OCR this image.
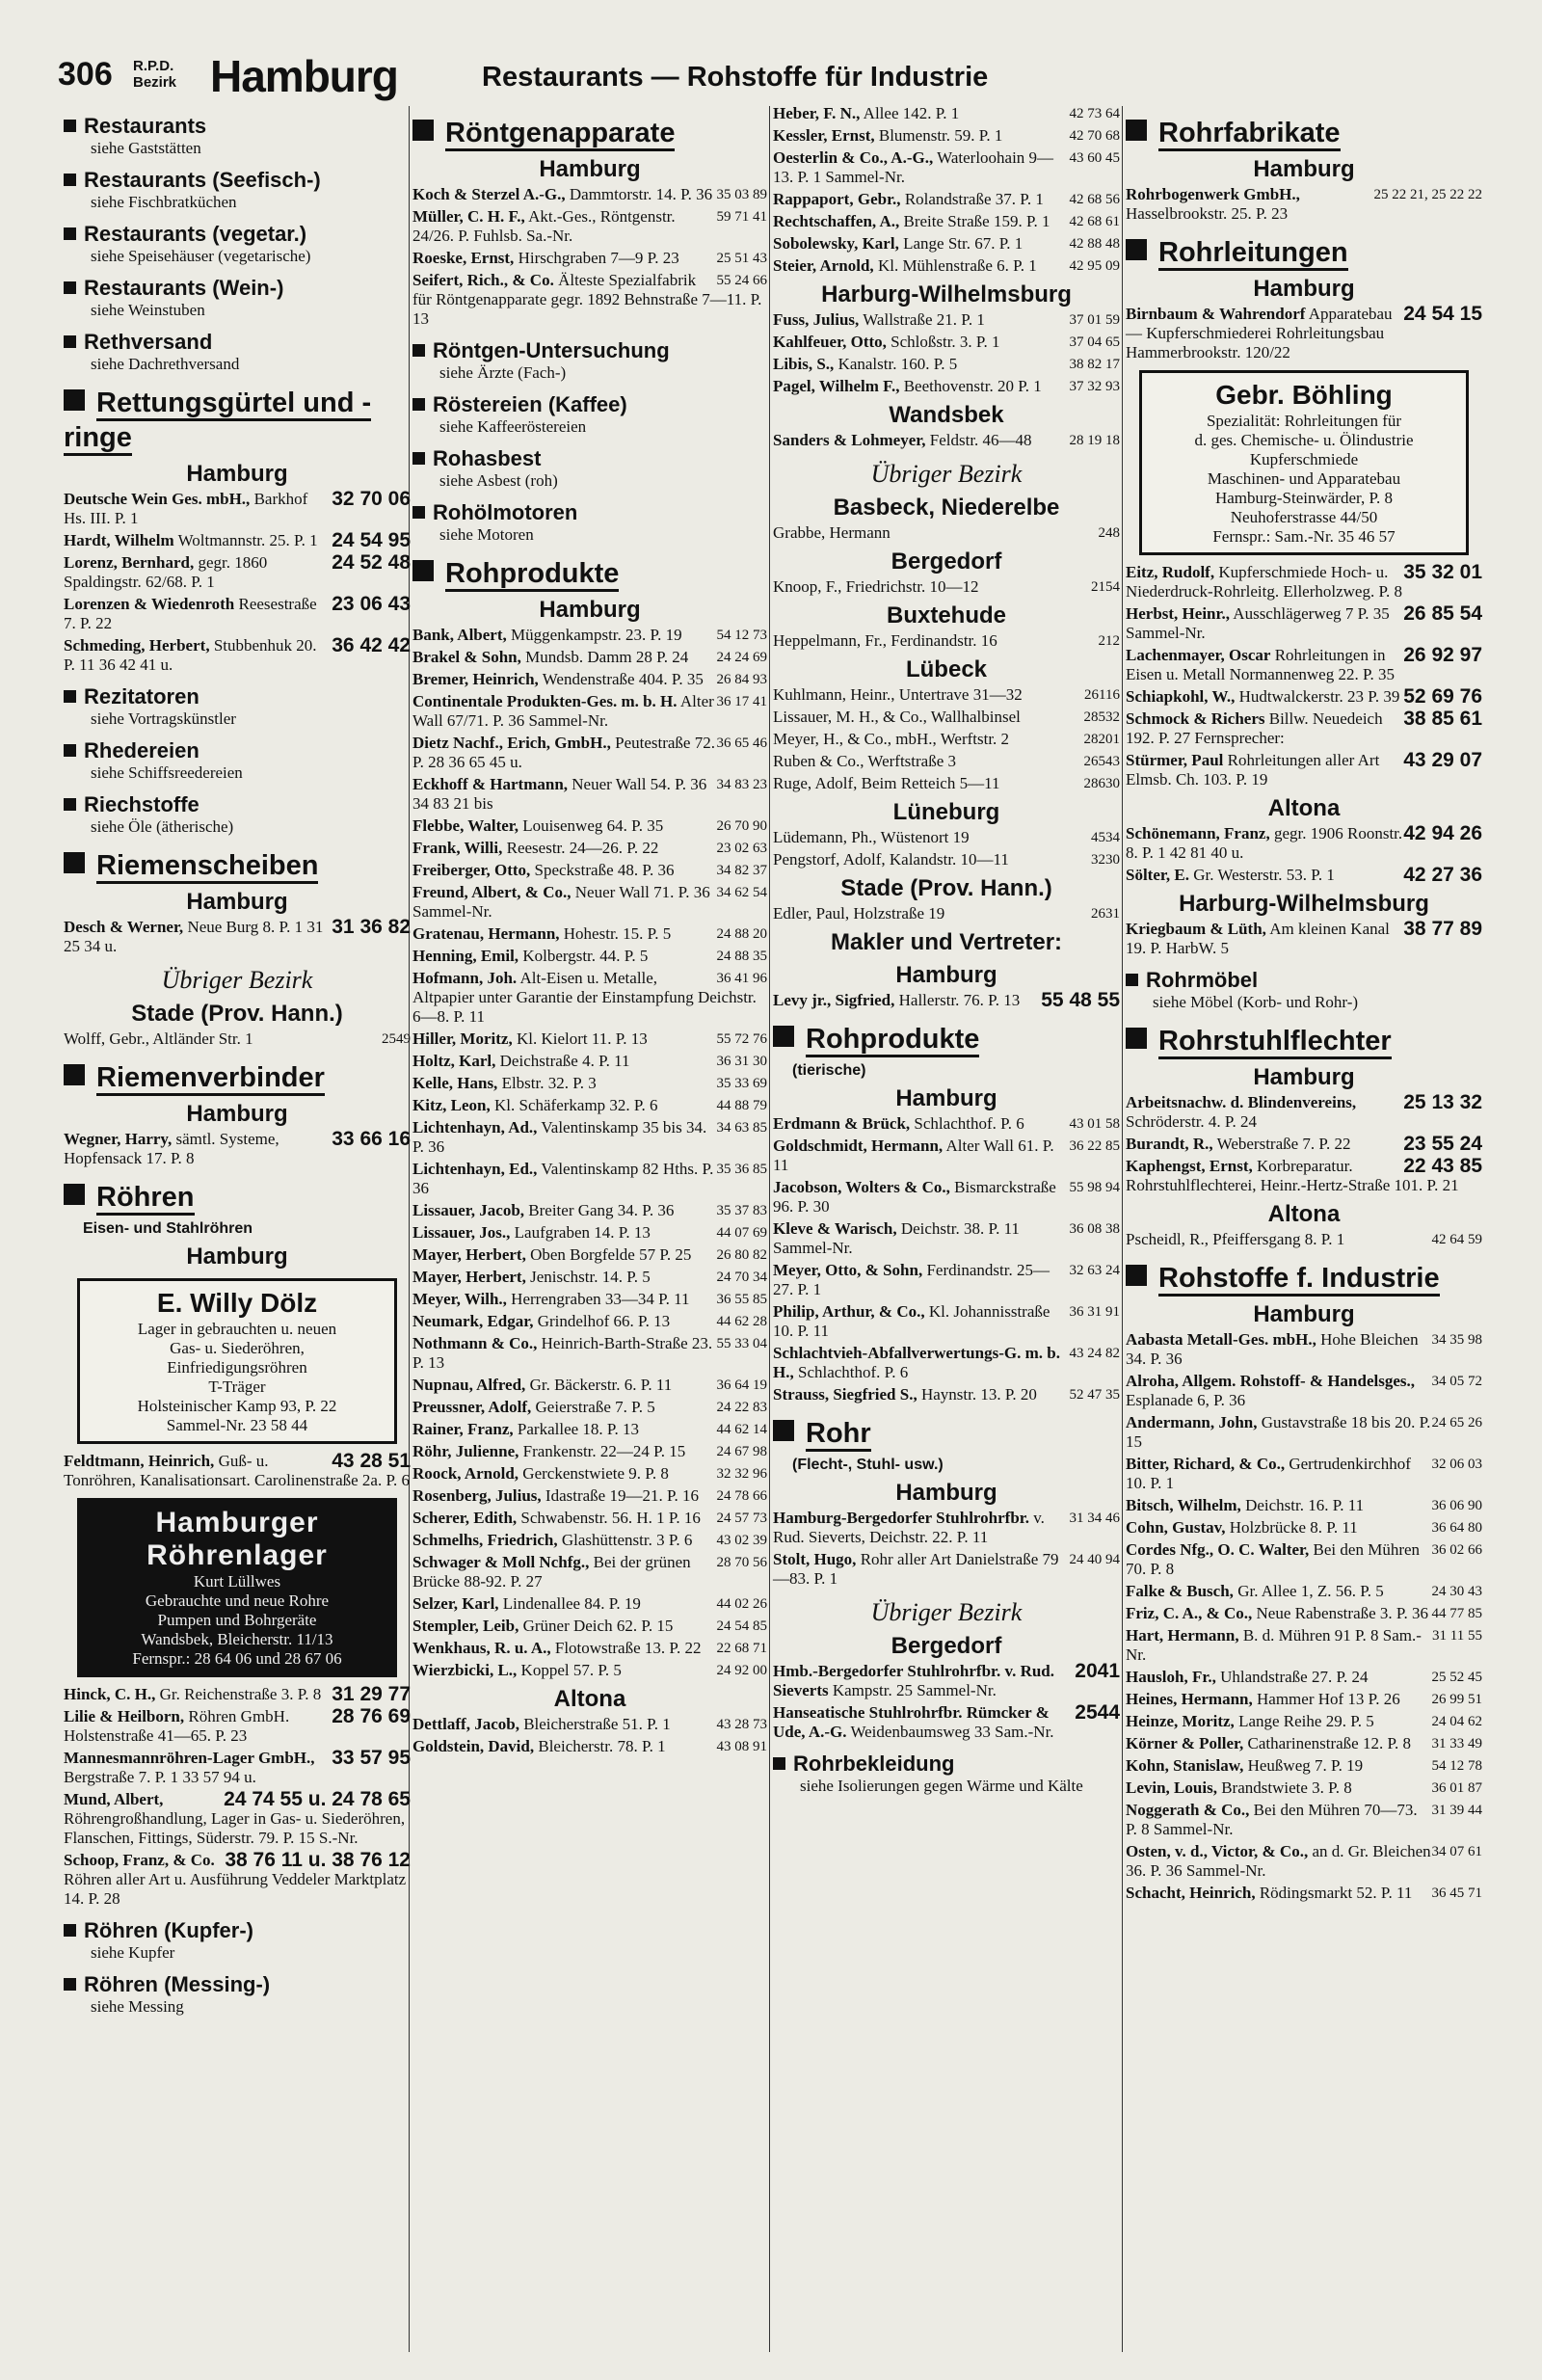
306 R.P.D. Bezirk Hamburg	Restaurants — Rohstoffe für Industrie
Restaurants
siehe Gaststätten
Restaurants (Seefisch-)
siehe Fischbratküchen
Restaurants (vegetar.)
siehe Speisehäuser (vegetarische)
Restaurants (Wein-)
siehe Weinstuben
Rethversand
siehe Dachrethversand
Rettungsgürtel und -ringe
Hamburg
32 70 06
Deutsche Wein Ges. mbH., Barkhof Hs. III. P. 1
24 54 95
Hardt, Wilhelm Woltmannstr. 25. P. 1
24 52 48
Lorenz, Bernhard, gegr. 1860 Spaldingstr. 62/68. P. 1
23 06 43
Lorenzen & Wiedenroth Reesestraße 7. P. 22
36 42 42
Schmeding, Herbert, Stubbenhuk 20. P. 11 36 42 41 u.
Rezitatoren
siehe Vortragskünstler
Rhedereien
siehe Schiffsreedereien
Riechstoffe
siehe Öle (ätherische)
Riemenscheiben
Hamburg
31 36 82
Desch & Werner, Neue Burg 8. P. 1 31 25 34 u.
Übriger Bezirk
Stade (Prov. Hann.)
2549
Wolff, Gebr., Altländer Str. 1
Riemenverbinder
Hamburg
33 66 16
Wegner, Harry, sämtl. Systeme, Hopfensack 17. P. 8
Röhren
Eisen- und Stahlröhren
Hamburg
E. Willy Dölz
Lager in gebrauchten u. neuen
Gas- u. Siederöhren,
Einfriedigungsröhren
T-Träger
Holsteinischer Kamp 93, P. 22
Sammel-Nr. 23 58 44
43 28 51
Feldtmann, Heinrich, Guß- u. Tonröhren, Kanalisationsart. Carolinenstraße 2a. P. 6
Hamburger Röhrenlager
Kurt Lüllwes
Gebrauchte und neue Rohre
Pumpen und Bohrgeräte
Wandsbek, Bleicherstr. 11/13
Fernspr.: 28 64 06 und 28 67 06
31 29 77
Hinck, C. H., Gr. Reichenstraße 3. P. 8
28 76 69
Lilie & Heilborn, Röhren GmbH. Holstenstraße 41—65. P. 23
33 57 95
Mannesmannröhren-Lager GmbH., Bergstraße 7. P. 1 33 57 94 u.
24 74 55 u. 24 78 65
Mund, Albert, Röhrengroßhandlung, Lager in Gas- u. Siederöhren, Flanschen, Fittings, Süderstr. 79. P. 15 S.-Nr.
38 76 11 u. 38 76 12
Schoop, Franz, & Co. Röhren aller Art u. Ausführung Veddeler Marktplatz 14. P. 28
Röhren (Kupfer-)
siehe Kupfer
Röhren (Messing-)
siehe Messing
Röntgenapparate
Hamburg
35 03 89
Koch & Sterzel A.-G., Dammtorstr. 14. P. 36
59 71 41
Müller, C. H. F., Akt.-Ges., Röntgenstr. 24/26. P. Fuhlsb. Sa.-Nr.
25 51 43
Roeske, Ernst, Hirschgraben 7—9 P. 23
55 24 66
Seifert, Rich., & Co. Älteste Spezialfabrik für Röntgenapparate gegr. 1892 Behnstraße 7—11. P. 13
Röntgen-Untersuchung
siehe Ärzte (Fach-)
Röstereien (Kaffee)
siehe Kaffeeröstereien
Rohasbest
siehe Asbest (roh)
Rohölmotoren
siehe Motoren
Rohprodukte
Hamburg
54 12 73
Bank, Albert, Müggenkampstr. 23. P. 19
24 24 69
Brakel & Sohn, Mundsb. Damm 28 P. 24
26 84 93
Bremer, Heinrich, Wendenstraße 404. P. 35
36 17 41
Continentale Produkten-Ges. m. b. H. Alter Wall 67/71. P. 36 Sammel-Nr.
36 65 46
Dietz Nachf., Erich, GmbH., Peutestraße 72. P. 28 36 65 45 u.
34 83 23
Eckhoff & Hartmann, Neuer Wall 54. P. 36 34 83 21 bis
26 70 90
Flebbe, Walter, Louisenweg 64. P. 35
23 02 63
Frank, Willi, Reesestr. 24—26. P. 22
34 82 37
Freiberger, Otto, Speckstraße 48. P. 36
34 62 54
Freund, Albert, & Co., Neuer Wall 71. P. 36 Sammel-Nr.
24 88 20
Gratenau, Hermann, Hohestr. 15. P. 5
24 88 35
Henning, Emil, Kolbergstr. 44. P. 5
36 41 96
Hofmann, Joh. Alt-Eisen u. Metalle, Altpapier unter Garantie der Einstampfung Deichstr. 6—8. P. 11
55 72 76
Hiller, Moritz, Kl. Kielort 11. P. 13
36 31 30
Holtz, Karl, Deichstraße 4. P. 11
35 33 69
Kelle, Hans, Elbstr. 32. P. 3
44 88 79
Kitz, Leon, Kl. Schäferkamp 32. P. 6
34 63 85
Lichtenhayn, Ad., Valentinskamp 35 bis 34. P. 36
35 36 85
Lichtenhayn, Ed., Valentinskamp 82 Hths. P. 36
35 37 83
Lissauer, Jacob, Breiter Gang 34. P. 36
44 07 69
Lissauer, Jos., Laufgraben 14. P. 13
26 80 82
Mayer, Herbert, Oben Borgfelde 57 P. 25
24 70 34
Mayer, Herbert, Jenischstr. 14. P. 5
36 55 85
Meyer, Wilh., Herrengraben 33—34 P. 11
44 62 28
Neumark, Edgar, Grindelhof 66. P. 13
55 33 04
Nothmann & Co., Heinrich-Barth-Straße 23. P. 13
36 64 19
Nupnau, Alfred, Gr. Bäckerstr. 6. P. 11
24 22 83
Preussner, Adolf, Geierstraße 7. P. 5
44 62 14
Rainer, Franz, Parkallee 18. P. 13
24 67 98
Röhr, Julienne, Frankenstr. 22—24 P. 15
32 32 96
Roock, Arnold, Gerckenstwiete 9. P. 8
24 78 66
Rosenberg, Julius, Idastraße 19—21. P. 16
24 57 73
Scherer, Edith, Schwabenstr. 56. H. 1 P. 16
43 02 39
Schmelhs, Friedrich, Glashüttenstr. 3 P. 6
28 70 56
Schwager & Moll Nchfg., Bei der grünen Brücke 88-92. P. 27
44 02 26
Selzer, Karl, Lindenallee 84. P. 19
24 54 85
Stempler, Leib, Grüner Deich 62. P. 15
22 68 71
Wenkhaus, R. u. A., Flotowstraße 13. P. 22
24 92 00
Wierzbicki, L., Koppel 57. P. 5
Altona
43 28 73
Dettlaff, Jacob, Bleicherstraße 51. P. 1
43 08 91
Goldstein, David, Bleicherstr. 78. P. 1
42 73 64
Heber, F. N., Allee 142. P. 1
42 70 68
Kessler, Ernst, Blumenstr. 59. P. 1
43 60 45
Oesterlin & Co., A.-G., Waterloohain 9—13. P. 1 Sammel-Nr.
42 68 56
Rappaport, Gebr., Rolandstraße 37. P. 1
42 68 61
Rechtschaffen, A., Breite Straße 159. P. 1
42 88 48
Sobolewsky, Karl, Lange Str. 67. P. 1
42 95 09
Steier, Arnold, Kl. Mühlenstraße 6. P. 1
Harburg-Wilhelmsburg
37 01 59
Fuss, Julius, Wallstraße 21. P. 1
37 04 65
Kahlfeuer, Otto, Schloßstr. 3. P. 1
38 82 17
Libis, S., Kanalstr. 160. P. 5
37 32 93
Pagel, Wilhelm F., Beethovenstr. 20 P. 1
Wandsbek
28 19 18
Sanders & Lohmeyer, Feldstr. 46—48
Übriger Bezirk
Basbeck, Niederelbe
248
Grabbe, Hermann
Bergedorf
2154
Knoop, F., Friedrichstr. 10—12
Buxtehude
212
Heppelmann, Fr., Ferdinandstr. 16
Lübeck
26116
Kuhlmann, Heinr., Untertrave 31—32
28532
Lissauer, M. H., & Co., Wallhalbinsel
28201
Meyer, H., & Co., mbH., Werftstr. 2
26543
Ruben & Co., Werftstraße 3
28630
Ruge, Adolf, Beim Retteich 5—11
Lüneburg
4534
Lüdemann, Ph., Wüstenort 19
3230
Pengstorf, Adolf, Kalandstr. 10—11
Stade (Prov. Hann.)
2631
Edler, Paul, Holzstraße 19
Makler und Vertreter:
Hamburg
55 48 55
Levy jr., Sigfried, Hallerstr. 76. P. 13
Rohprodukte
(tierische)
Hamburg
43 01 58
Erdmann & Brück, Schlachthof. P. 6
36 22 85
Goldschmidt, Hermann, Alter Wall 61. P. 11
55 98 94
Jacobson, Wolters & Co., Bismarckstraße 96. P. 30
36 08 38
Kleve & Warisch, Deichstr. 38. P. 11 Sammel-Nr.
32 63 24
Meyer, Otto, & Sohn, Ferdinandstr. 25—27. P. 1
36 31 91
Philip, Arthur, & Co., Kl. Johannisstraße 10. P. 11
43 24 82
Schlachtvieh-Abfallverwertungs-G. m. b. H., Schlachthof. P. 6
52 47 35
Strauss, Siegfried S., Haynstr. 13. P. 20
Rohr
(Flecht-, Stuhl- usw.)
Hamburg
31 34 46
Hamburg-Bergedorfer Stuhlrohrfbr. v. Rud. Sieverts, Deichstr. 22. P. 11
24 40 94
Stolt, Hugo, Rohr aller Art Danielstraße 79—83. P. 1
Übriger Bezirk
Bergedorf
2041
Hmb.-Bergedorfer Stuhlrohrfbr. v. Rud. Sieverts Kampstr. 25 Sammel-Nr.
2544
Hanseatische Stuhlrohrfbr. Rümcker & Ude, A.-G. Weidenbaumsweg 33 Sam.-Nr.
Rohrbekleidung
siehe Isolierungen gegen Wärme und Kälte
Rohrfabrikate
Hamburg
25 22 21, 25 22 22
Rohrbogenwerk GmbH., Hasselbrookstr. 25. P. 23
Rohrleitungen
Hamburg
24 54 15
Birnbaum & Wahrendorf Apparatebau — Kupferschmiederei Rohrleitungsbau Hammerbrookstr. 120/22
Gebr. Böhling
Spezialität: Rohrleitungen für
d. ges. Chemische- u. Ölindustrie
Kupferschmiede
Maschinen- und Apparatebau
Hamburg-Steinwärder, P. 8
Neuhoferstrasse 44/50
Fernspr.: Sam.-Nr. 35 46 57
35 32 01
Eitz, Rudolf, Kupferschmiede Hoch- u. Niederdruck-Rohrleitg. Ellerholzweg. P. 8
26 85 54
Herbst, Heinr., Ausschlägerweg 7 P. 35 Sammel-Nr.
26 92 97
Lachenmayer, Oscar Rohrleitungen in Eisen u. Metall Normannenweg 22. P. 35
52 69 76
Schiapkohl, W., Hudtwalckerstr. 23 P. 39
38 85 61
Schmock & Richers Billw. Neuedeich 192. P. 27 Fernsprecher:
43 29 07
Stürmer, Paul Rohrleitungen aller Art Elmsb. Ch. 103. P. 19
Altona
42 94 26
Schönemann, Franz, gegr. 1906 Roonstr. 8. P. 1 42 81 40 u.
42 27 36
Sölter, E. Gr. Westerstr. 53. P. 1
Harburg-Wilhelmsburg
38 77 89
Kriegbaum & Lüth, Am kleinen Kanal 19. P. HarbW. 5
Rohrmöbel
siehe Möbel (Korb- und Rohr-)
Rohrstuhlflechter
Hamburg
25 13 32
Arbeitsnachw. d. Blindenvereins, Schröderstr. 4. P. 24
23 55 24
Burandt, R., Weberstraße 7. P. 22
22 43 85
Kaphengst, Ernst, Korbreparatur. Rohrstuhlflechterei, Heinr.-Hertz-Straße 101. P. 21
Altona
42 64 59
Pscheidl, R., Pfeiffersgang 8. P. 1
Rohstoffe f. Industrie
Hamburg
34 35 98
Aabasta Metall-Ges. mbH., Hohe Bleichen 34. P. 36
34 05 72
Alroha, Allgem. Rohstoff- & Handelsges., Esplanade 6, P. 36
24 65 26
Andermann, John, Gustavstraße 18 bis 20. P. 15
32 06 03
Bitter, Richard, & Co., Gertrudenkirchhof 10. P. 1
36 06 90
Bitsch, Wilhelm, Deichstr. 16. P. 11
36 64 80
Cohn, Gustav, Holzbrücke 8. P. 11
36 02 66
Cordes Nfg., O. C. Walter, Bei den Mühren 70. P. 8
24 30 43
Falke & Busch, Gr. Allee 1, Z. 56. P. 5
44 77 85
Friz, C. A., & Co., Neue Rabenstraße 3. P. 36
31 11 55
Hart, Hermann, B. d. Mühren 91 P. 8 Sam.-Nr.
25 52 45
Hausloh, Fr., Uhlandstraße 27. P. 24
26 99 51
Heines, Hermann, Hammer Hof 13 P. 26
24 04 62
Heinze, Moritz, Lange Reihe 29. P. 5
31 33 49
Körner & Poller, Catharinenstraße 12. P. 8
54 12 78
Kohn, Stanislaw, Heußweg 7. P. 19
36 01 87
Levin, Louis, Brandstwiete 3. P. 8
31 39 44
Noggerath & Co., Bei den Mühren 70—73. P. 8 Sammel-Nr.
34 07 61
Osten, v. d., Victor, & Co., an d. Gr. Bleichen 36. P. 36 Sammel-Nr.
36 45 71
Schacht, Heinrich, Rödingsmarkt 52. P. 11
